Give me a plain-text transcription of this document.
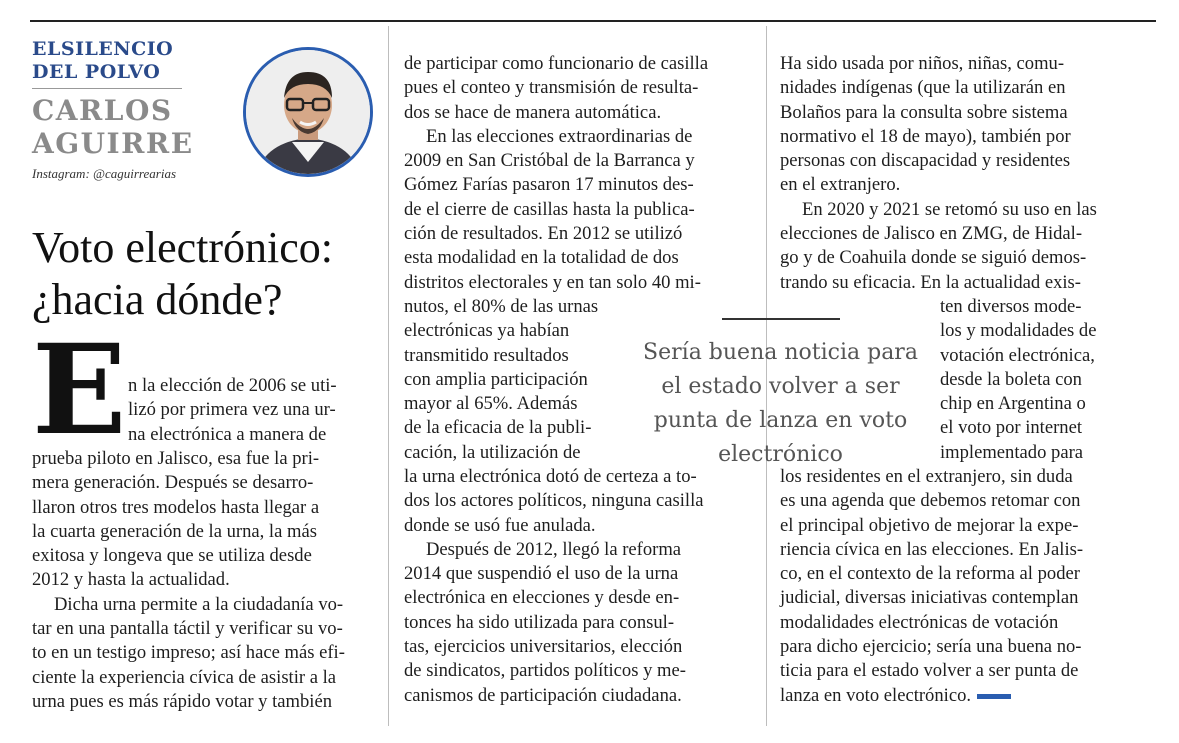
ELSILENCIO
DEL POLVO
CARLOS
AGUIRRE
Instagram: @caguirrearias
Voto electrónico:
¿hacia dónde?
E n la elección de 2006 se uti-
lizó por primera vez una ur-
na electrónica a manera de
prueba piloto en Jalisco, esa fue la pri-
mera generación. Después se desarro-
llaron otros tres modelos hasta llegar a
la cuarta generación de la urna, la más
exitosa y longeva que se utiliza desde
2012 y hasta la actualidad.
Dicha urna permite a la ciudadanía vo-
tar en una pantalla táctil y verificar su vo-
to en un testigo impreso; así hace más efi-
ciente la experiencia cívica de asistir a la
urna pues es más rápido votar y también
de participar como funcionario de casilla
pues el conteo y transmisión de resulta-
dos se hace de manera automática.
En las elecciones extraordinarias de
2009 en San Cristóbal de la Barranca y
Gómez Farías pasaron 17 minutos des-
de el cierre de casillas hasta la publica-
ción de resultados. En 2012 se utilizó
esta modalidad en la totalidad de dos
distritos electorales y en tan solo 40 mi-
nutos, el 80% de las urnas
electrónicas ya habían
transmitido resultados
con amplia participación
mayor al 65%. Además
de la eficacia de la publi-
cación, la utilización de
la urna electrónica dotó de certeza a to-
dos los actores políticos, ninguna casilla
donde se usó fue anulada.
Después de 2012, llegó la reforma
2014 que suspendió el uso de la urna
electrónica en elecciones y desde en-
tonces ha sido utilizada para consul-
tas, ejercicios universitarios, elección
de sindicatos, partidos políticos y me-
canismos de participación ciudadana.
Sería buena noticia para
el estado volver a ser
punta de lanza en voto
electrónico
Ha sido usada por niños, niñas, comu-
nidades indígenas (que la utilizarán en
Bolaños para la consulta sobre sistema
normativo el 18 de mayo), también por
personas con discapacidad y residentes
en el extranjero.
En 2020 y 2021 se retomó su uso en las
elecciones de Jalisco en ZMG, de Hidal-
go y de Coahuila donde se siguió demos-
trando su eficacia. En la actualidad exis-
ten diversos mode-
los y modalidades de
votación electrónica,
desde la boleta con
chip en Argentina o
el voto por internet
implementado para
los residentes en el extranjero, sin duda
es una agenda que debemos retomar con
el principal objetivo de mejorar la expe-
riencia cívica en las elecciones. En Jalis-
co, en el contexto de la reforma al poder
judicial, diversas iniciativas contemplan
modalidades electrónicas de votación
para dicho ejercicio; sería una buena no-
ticia para el estado volver a ser punta de
lanza en voto electrónico.
